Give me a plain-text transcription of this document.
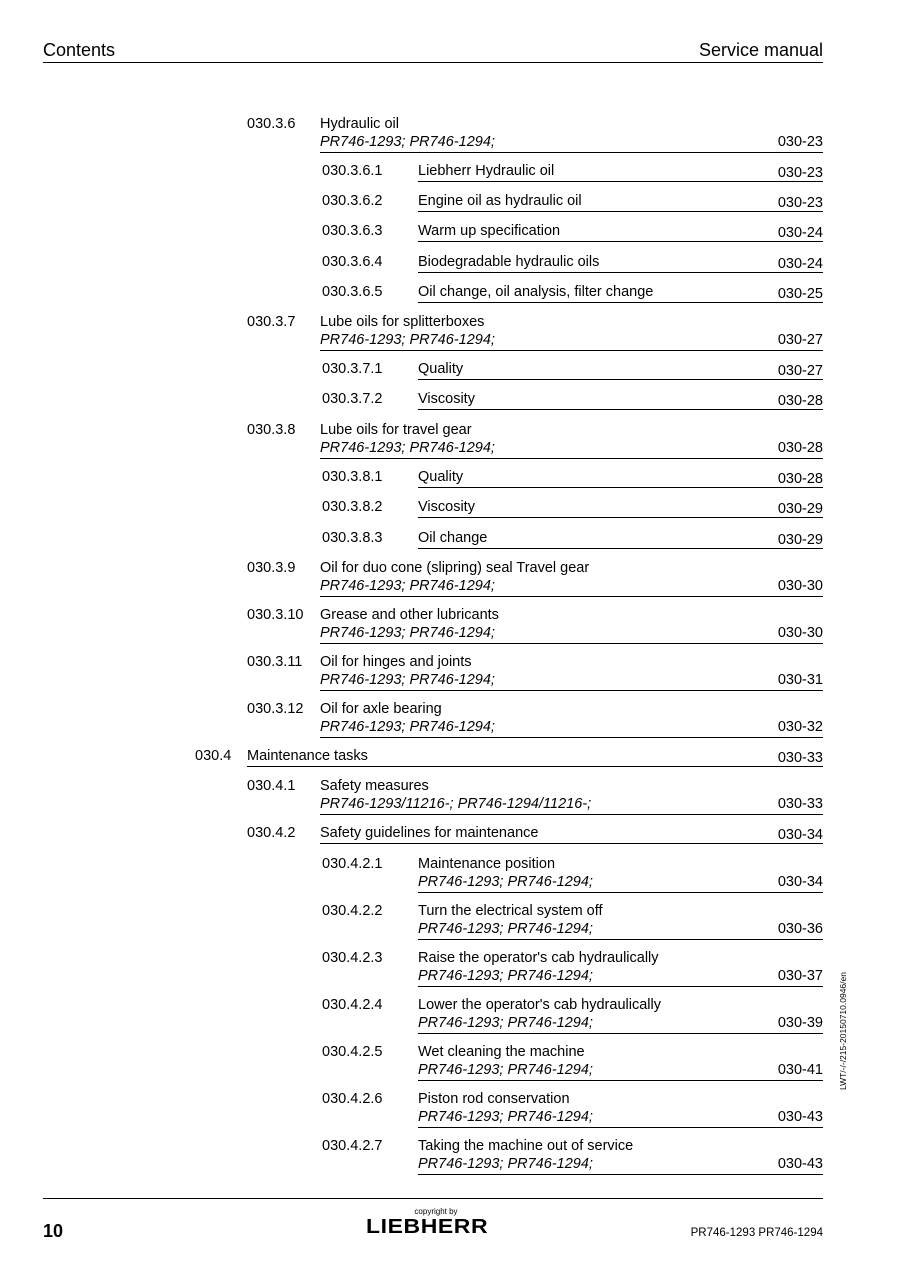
Contents	Service manual
030.3.6 Hydraulic oil
PR746-1293; PR746-1294;	030-23
030.3.6.1 Liebherr Hydraulic oil	030-23
030.3.6.2 Engine oil as hydraulic oil	030-23
030.3.6.3 Warm up specification	030-24
030.3.6.4 Biodegradable hydraulic oils	030-24
030.3.6.5 Oil change, oil analysis, filter change	030-25
030.3.7 Lube oils for splitterboxes
PR746-1293; PR746-1294;	030-27
030.3.7.1 Quality	030-27
030.3.7.2 Viscosity	030-28
030.3.8 Lube oils for travel gear
PR746-1293; PR746-1294;	030-28
030.3.8.1 Quality	030-28
030.3.8.2 Viscosity	030-29
030.3.8.3 Oil change	030-29
030.3.9 Oil for duo cone (slipring) seal Travel gear
PR746-1293; PR746-1294;	030-30
030.3.10 Grease and other lubricants
PR746-1293; PR746-1294;	030-30
030.3.11 Oil for hinges and joints
PR746-1293; PR746-1294;	030-31
030.3.12 Oil for axle bearing
PR746-1293; PR746-1294;	030-32
030.4 Maintenance tasks	030-33
030.4.1 Safety measures
PR746-1293/11216-; PR746-1294/11216-;	030-33
030.4.2 Safety guidelines for maintenance	030-34
030.4.2.1 Maintenance position
PR746-1293; PR746-1294;	030-34
030.4.2.2 Turn the electrical system off
PR746-1293; PR746-1294;	030-36
030.4.2.3 Raise the operator's cab hydraulically
PR746-1293; PR746-1294;	030-37
030.4.2.4 Lower the operator's cab hydraulically
PR746-1293; PR746-1294;	030-39
030.4.2.5 Wet cleaning the machine
PR746-1293; PR746-1294;	030-41
030.4.2.6 Piston rod conservation
PR746-1293; PR746-1294;	030-43
030.4.2.7 Taking the machine out of service
PR746-1293; PR746-1294;	030-43
LWT/-/-/215-20150710.0946/en
10
copyright by
LIEBHERR	PR746-1293 PR746-1294
